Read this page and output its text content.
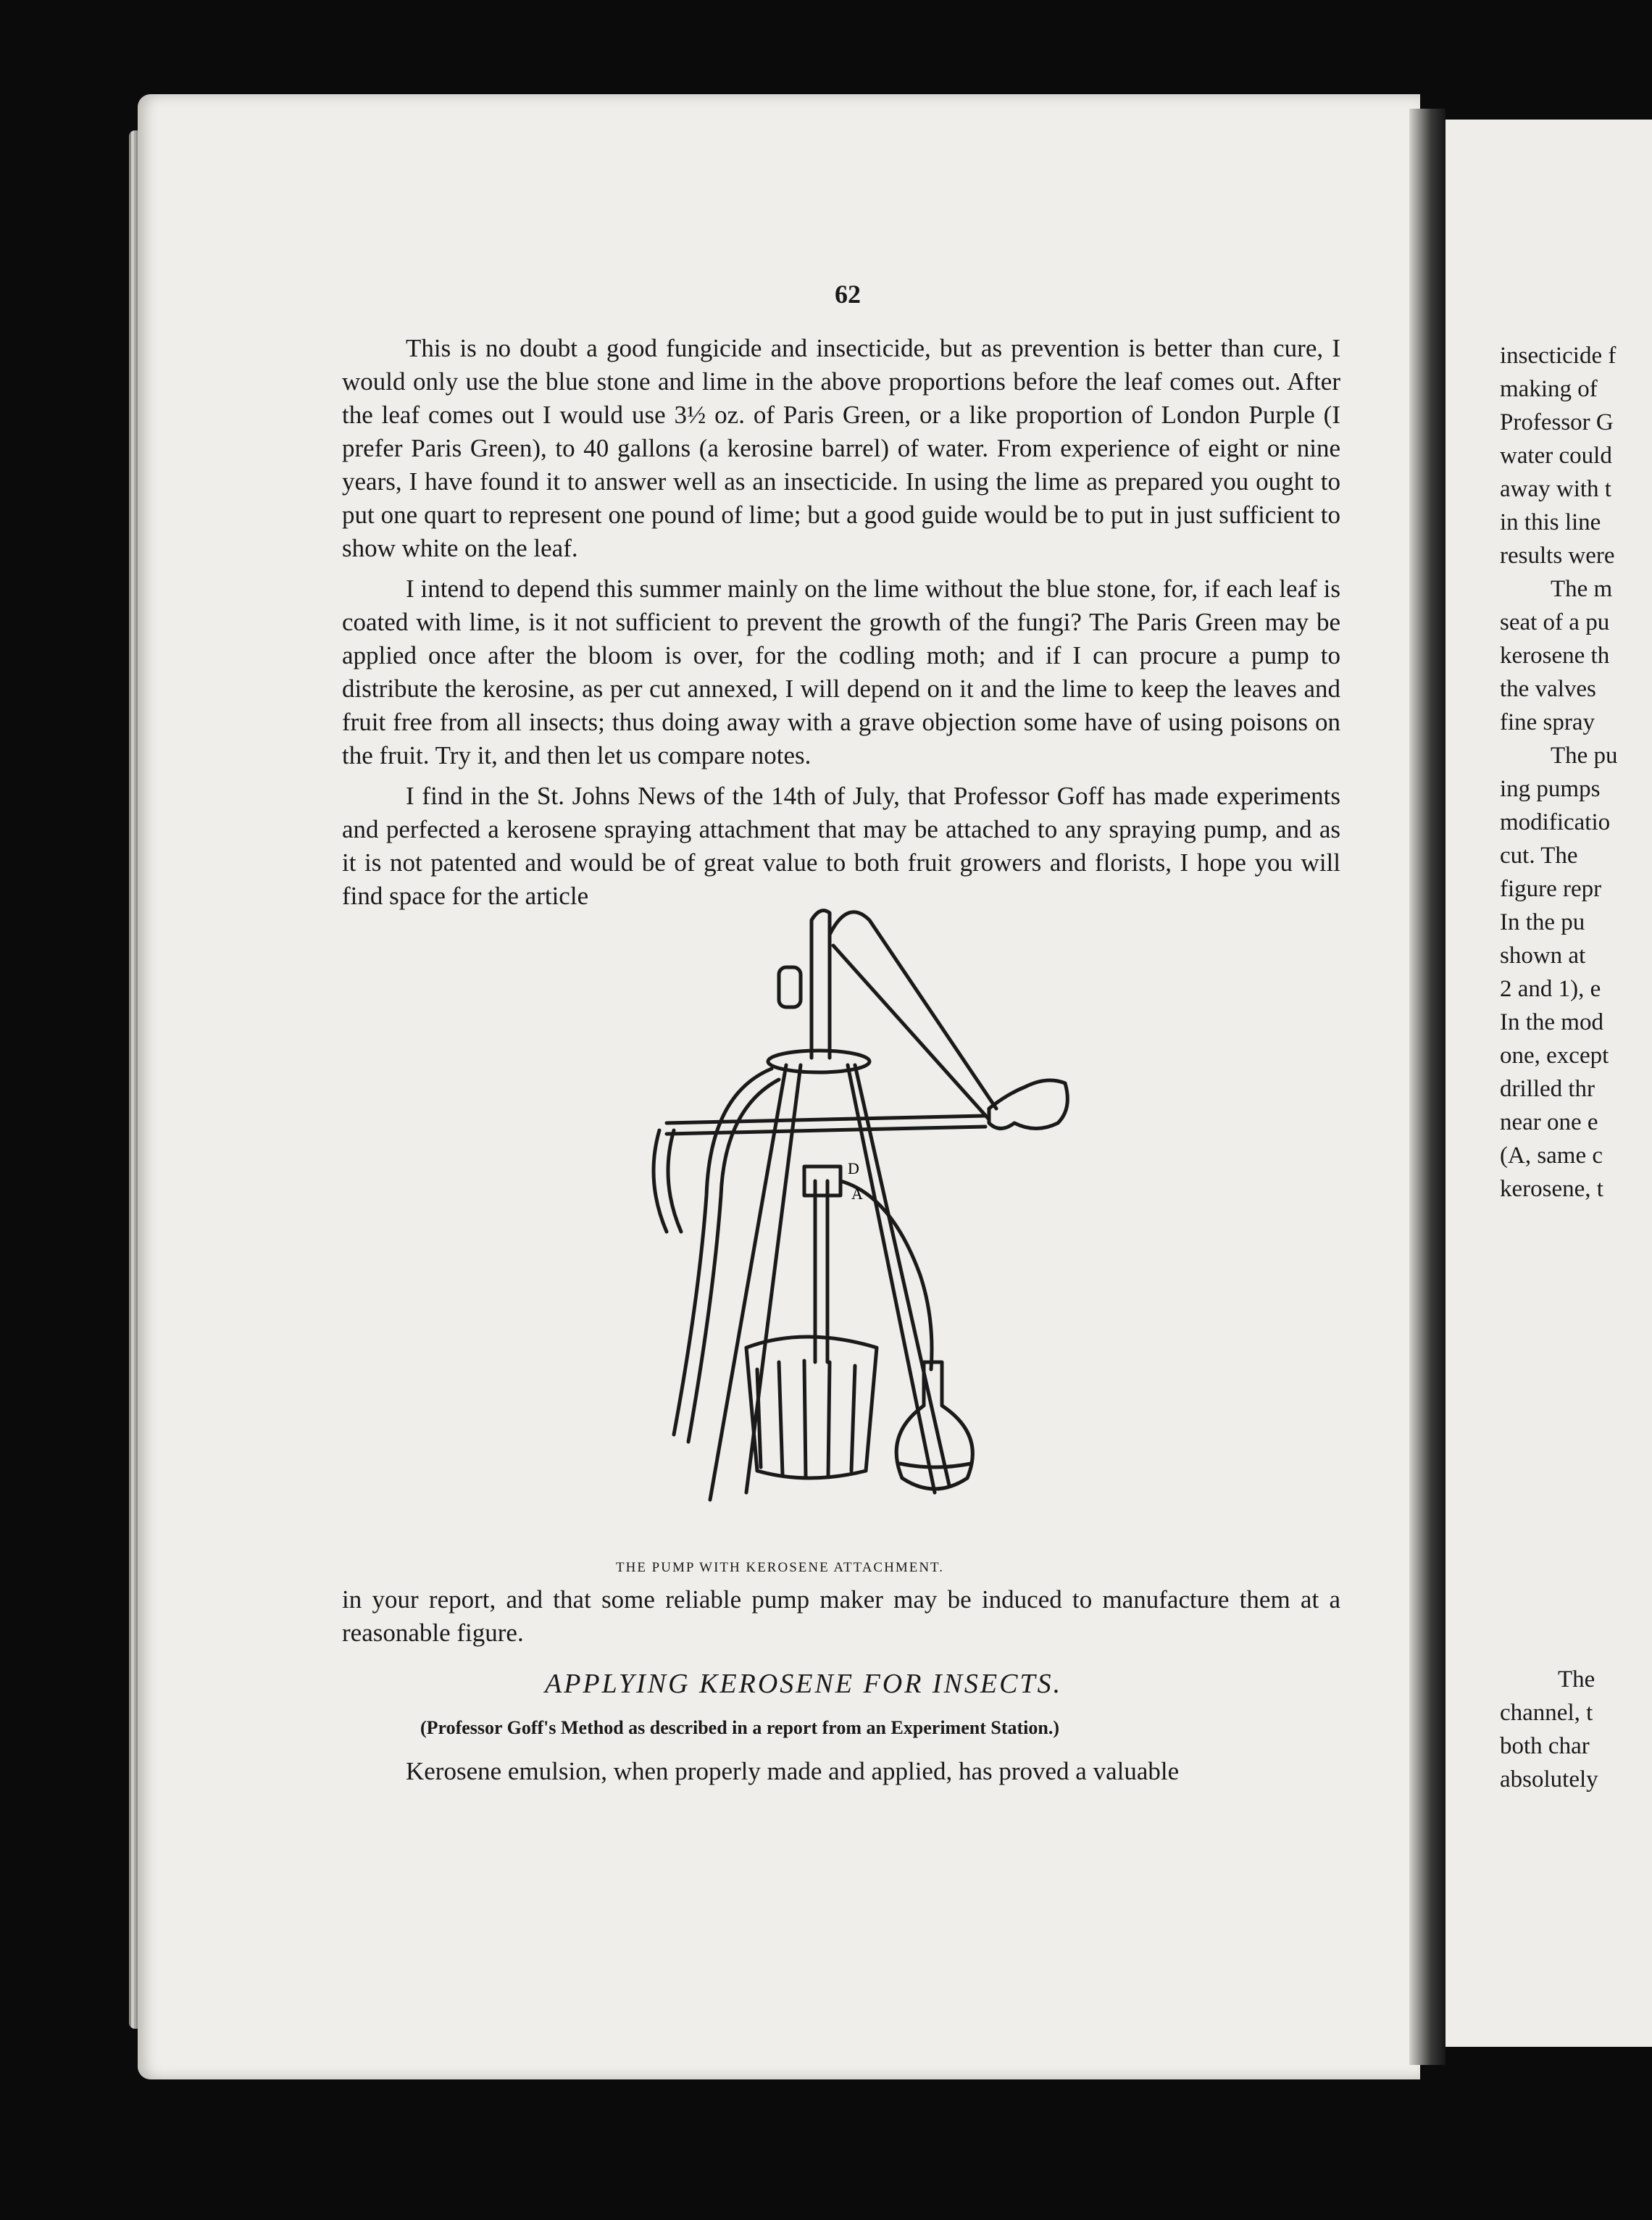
62

This is no doubt a good fungicide and insecticide, but as prevention is better than cure, I would only use the blue stone and lime in the above proportions before the leaf comes out. After the leaf comes out I would use 3½ oz. of Paris Green, or a like proportion of London Purple (I prefer Paris Green), to 40 gallons (a kerosine barrel) of water. From experience of eight or nine years, I have found it to answer well as an insecticide. In using the lime as prepared you ought to put one quart to represent one pound of lime; but a good guide would be to put in just sufficient to show white on the leaf.

I intend to depend this summer mainly on the lime without the blue stone, for, if each leaf is coated with lime, is it not sufficient to prevent the growth of the fungi? The Paris Green may be applied once after the bloom is over, for the codling moth; and if I can procure a pump to distribute the kerosine, as per cut annexed, I will depend on it and the lime to keep the leaves and fruit free from all insects; thus doing away with a grave objection some have of using poisons on the fruit. Try it, and then let us compare notes.

I find in the St. Johns News of the 14th of July, that Professor Goff has made experiments and perfected a kerosene spraying attachment that may be attached to any spraying pump, and as it is not patented and would be of great value to both fruit growers and florists, I hope you will find space for the article

D
A
THE PUMP WITH KEROSENE ATTACHMENT.

in your report, and that some reliable pump maker may be induced to manufacture them at a reasonable figure.

APPLYING KEROSENE FOR INSECTS.
(Professor Goff's Method as described in a report from an Experiment Station.)

Kerosene emulsion, when properly made and applied, has proved a valuable

insecticide f
making of
Professor G
water could
away with t
in this line
results were
The m
seat of a pu
kerosene th
the valves
fine spray
The pu
ing pumps
modificatio
cut. The
figure repr
In the pu
shown at
2 and 1), e
In the mod
one, except
drilled thr
near one e
(A, same c
kerosene, t
The
channel, t
both char
absolutely
